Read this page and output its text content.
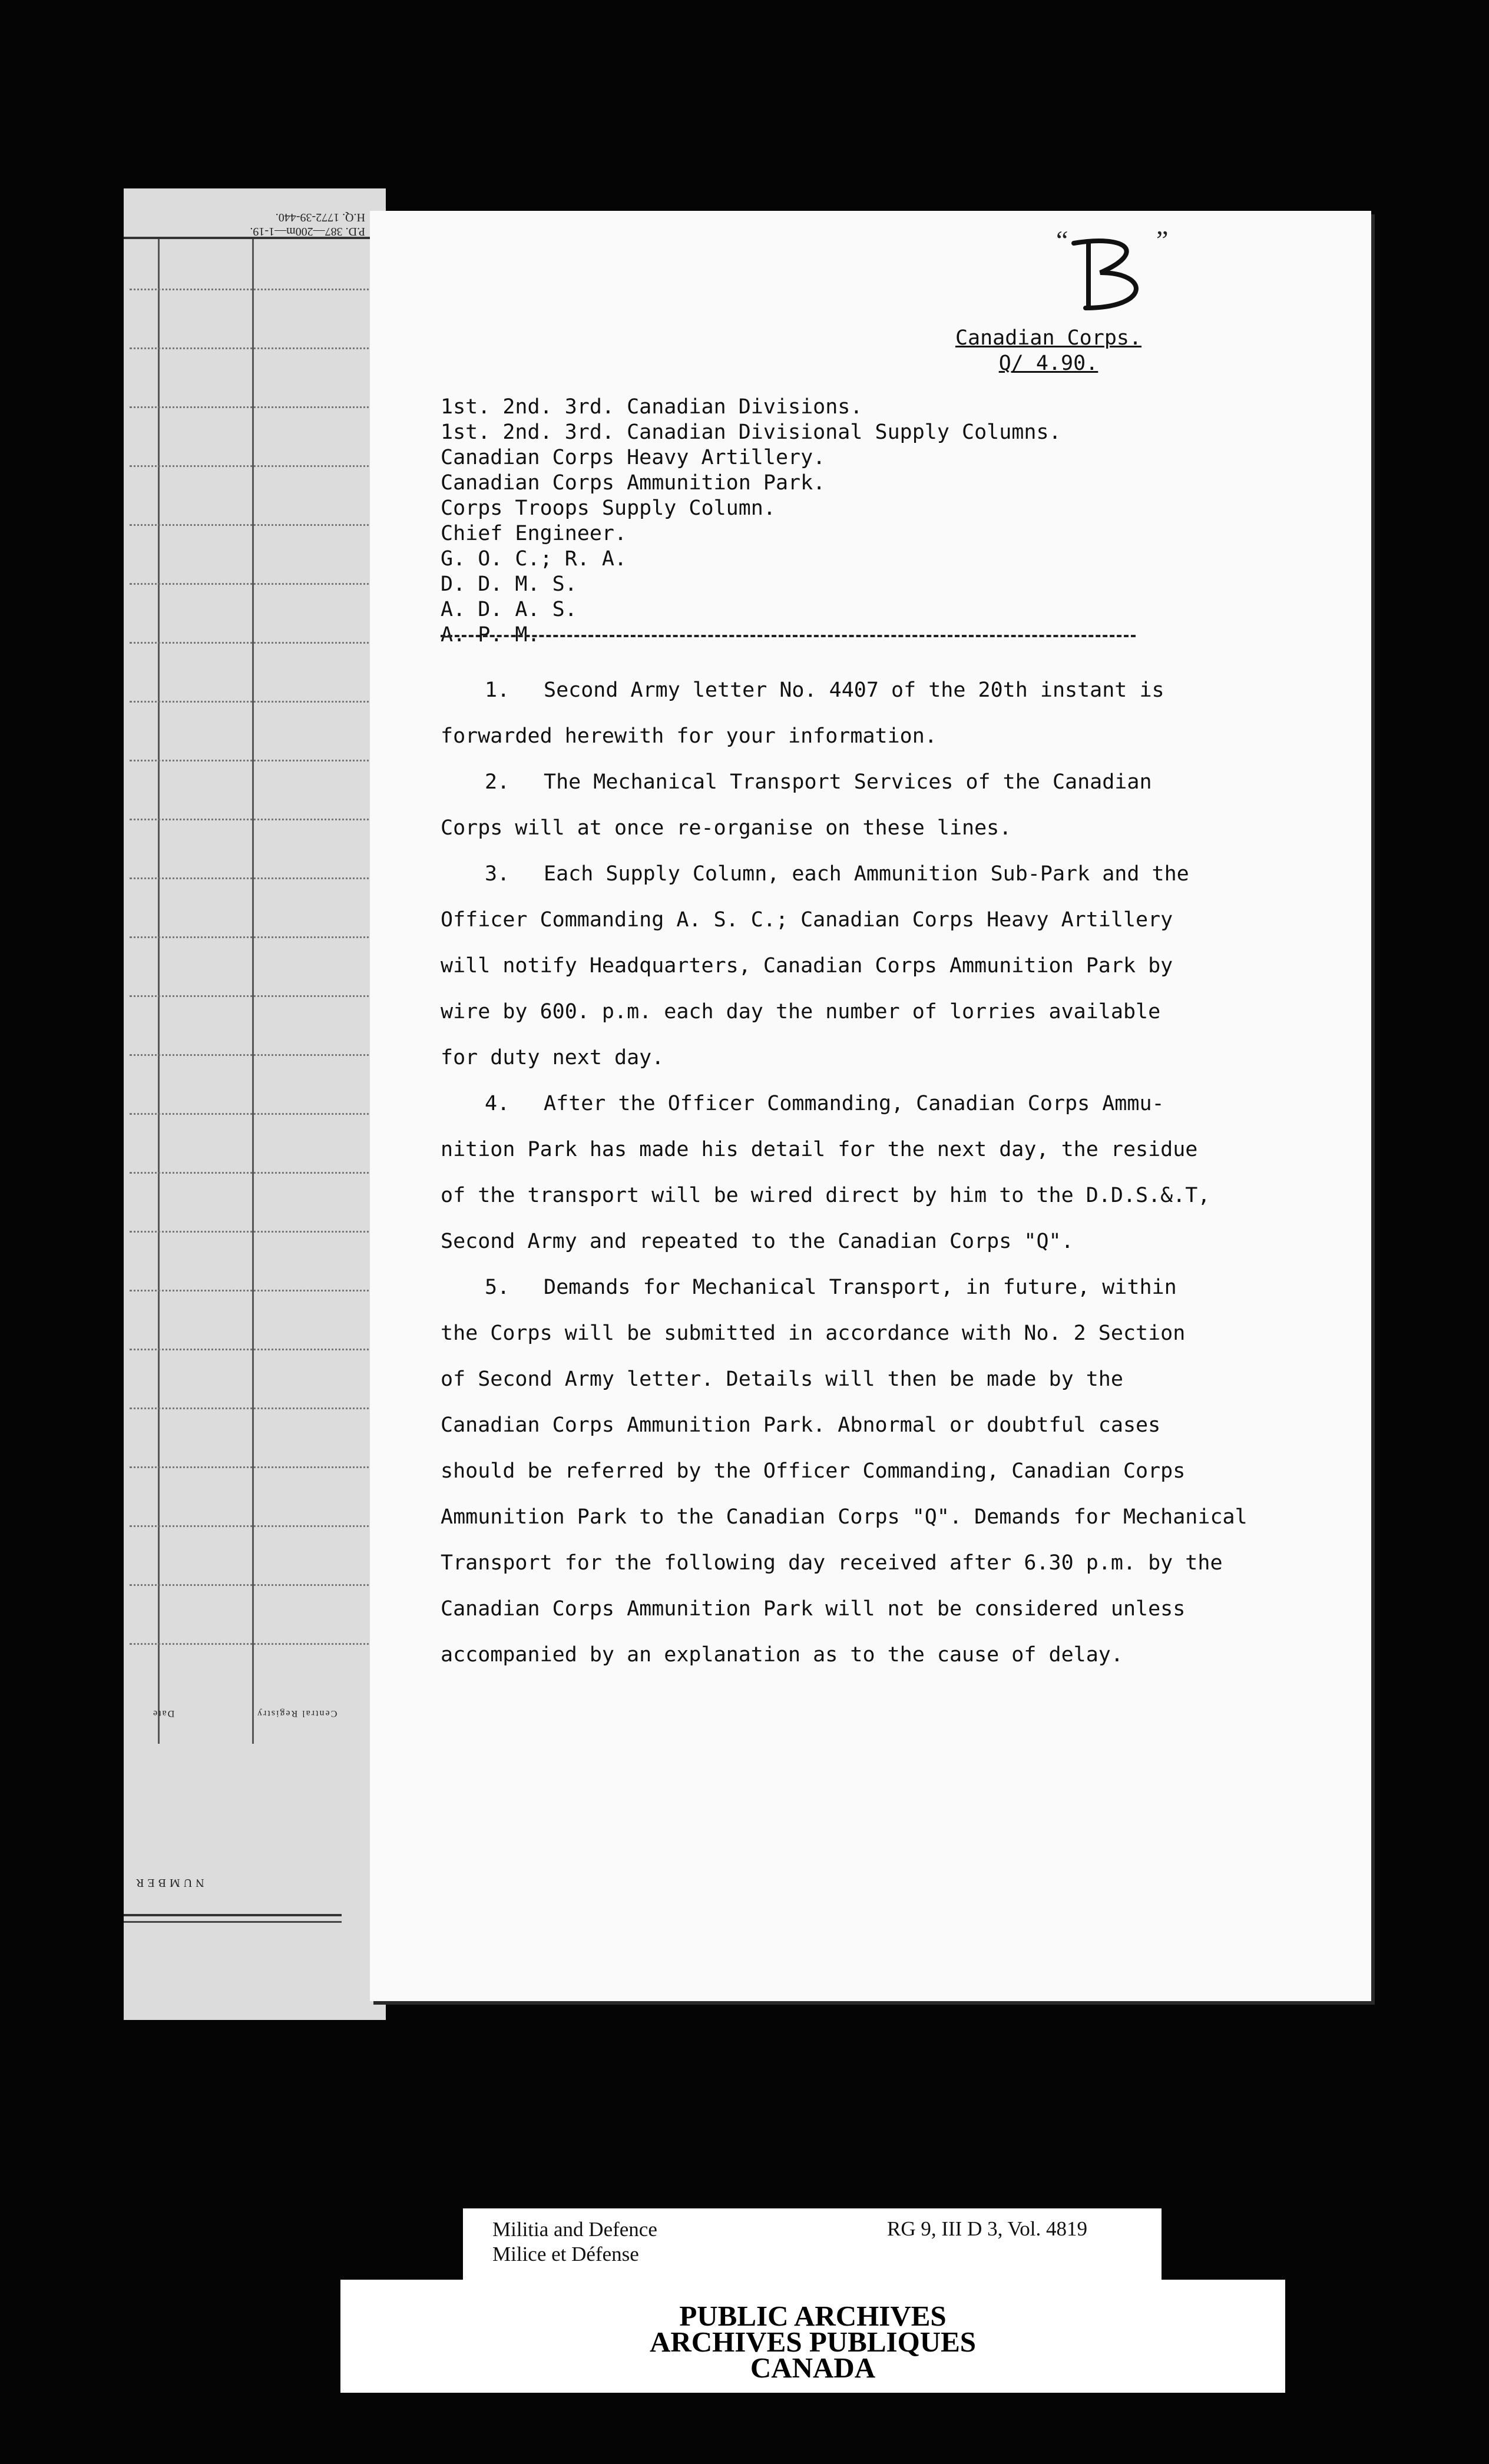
Central Registry
Date
NUMBER
P.D. 387—200m—1-19.
H.Q. 1772-39-440.
“	”
Canadian Corps.
Q/ 4.90.
1st. 2nd. 3rd. Canadian Divisions.
1st. 2nd. 3rd. Canadian Divisional Supply Columns.
Canadian Corps Heavy Artillery.
Canadian Corps Ammunition Park.
Corps Troops Supply Column.
Chief Engineer.
G. O. C.; R. A.
D. D. M. S.
A. D. A. S.
A. P. M.
1. Second Army letter No. 4407 of the 20th instant is
forwarded herewith for your information.
2. The Mechanical Transport Services of the Canadian
Corps will at once re-organise on these lines.
3. Each Supply Column, each Ammunition Sub-Park and the
Officer Commanding A. S. C.; Canadian Corps Heavy Artillery
will notify Headquarters, Canadian Corps Ammunition Park by
wire by 600. p.m. each day the number of lorries available
for duty next day.
4. After the Officer Commanding, Canadian Corps Ammu-
nition Park has made his detail for the next day, the residue
of the transport will be wired direct by him to the D.D.S.&.T,
Second Army and repeated to the Canadian Corps "Q".
5. Demands for Mechanical Transport, in future, within
the Corps will be submitted in accordance with No. 2 Section
of Second Army letter. Details will then be made by the
Canadian Corps Ammunition Park. Abnormal or doubtful cases
should be referred by the Officer Commanding, Canadian Corps
Ammunition Park to the Canadian Corps "Q". Demands for Mechanical
Transport for the following day received after 6.30 p.m. by the
Canadian Corps Ammunition Park will not be considered unless
accompanied by an explanation as to the cause of delay.
Militia and Defence
Milice et Défense
RG 9, III D 3, Vol. 4819
PUBLIC ARCHIVES
ARCHIVES PUBLIQUES
CANADA
